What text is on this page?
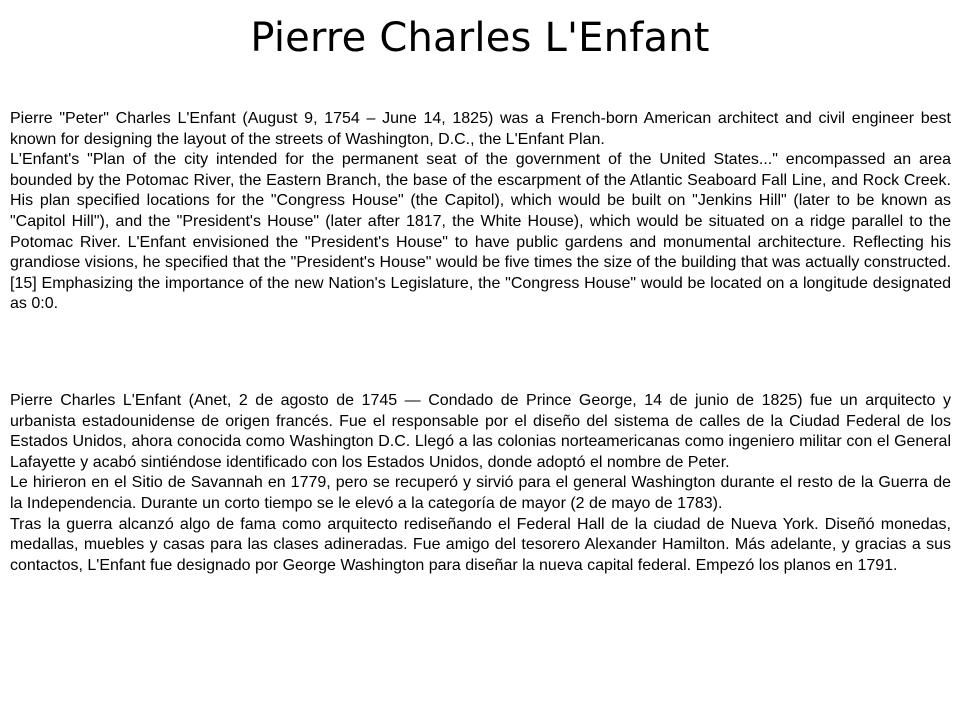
Pierre Charles L'Enfant

Pierre "Peter" Charles L'Enfant (August 9, 1754 – June 14, 1825) was a French-born American architect and civil engineer best known for designing the layout of the streets of Washington, D.C., the L'Enfant Plan.

L'Enfant's "Plan of the city intended for the permanent seat of the government of the United States..." encompassed an area bounded by the Potomac River, the Eastern Branch, the base of the escarpment of the Atlantic Seaboard Fall Line, and Rock Creek. His plan specified locations for the "Congress House" (the Capitol), which would be built on "Jenkins Hill" (later to be known as "Capitol Hill"), and the "President's House" (later after 1817, the White House), which would be situated on a ridge parallel to the Potomac River. L'Enfant envisioned the "President's House" to have public gardens and monumental architecture. Reflecting his grandiose visions, he specified that the "President's House" would be five times the size of the building that was actually constructed.[15] Emphasizing the importance of the new Nation's Legislature, the "Congress House" would be located on a longitude designated as 0:0.

Pierre Charles L'Enfant (Anet, 2 de agosto de 1745 — Condado de Prince George, 14 de junio de 1825) fue un arquitecto y urbanista estadounidense de origen francés. Fue el responsable por el diseño del sistema de calles de la Ciudad Federal de los Estados Unidos, ahora conocida como Washington D.C. Llegó a las colonias norteamericanas como ingeniero militar con el General Lafayette y acabó sintiéndose identificado con los Estados Unidos, donde adoptó el nombre de Peter.

Le hirieron en el Sitio de Savannah en 1779, pero se recuperó y sirvió para el general Washington durante el resto de la Guerra de la Independencia. Durante un corto tiempo se le elevó a la categoría de mayor (2 de mayo de 1783).

Tras la guerra alcanzó algo de fama como arquitecto rediseñando el Federal Hall de la ciudad de Nueva York. Diseñó monedas, medallas, muebles y casas para las clases adineradas. Fue amigo del tesorero Alexander Hamilton. Más adelante, y gracias a sus contactos, L'Enfant fue designado por George Washington para diseñar la nueva capital federal. Empezó los planos en 1791.
